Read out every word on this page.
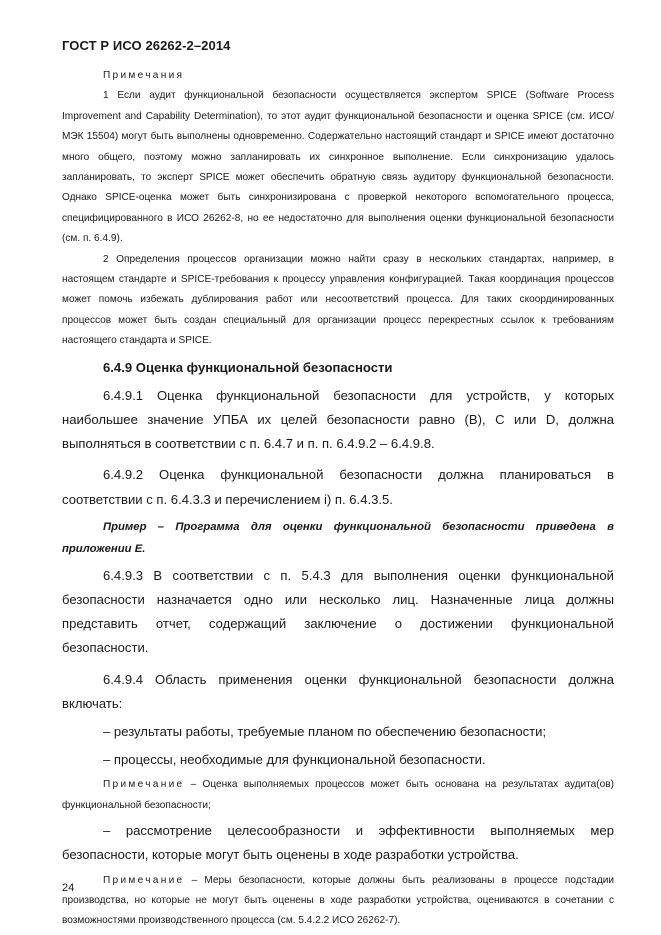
ГОСТ Р ИСО 26262-2–2014

Примечания

1 Если аудит функциональной безопасности осуществляется экспертом SPICE (Software Process Improvement and Capability Determination), то этот аудит функциональной безопасности и оценка SPICE (см. ИСО/МЭК 15504) могут быть выполнены одновременно. Содержательно настоящий стандарт и SPICE имеют достаточно много общего, поэтому можно запланировать их синхронное выполнение. Если синхронизацию удалось запланировать, то эксперт SPICE может обеспечить обратную связь аудитору функциональной безопасности. Однако SPICE-оценка может быть синхронизирована с проверкой некоторого вспомогательного процесса, специфицированного в ИСО 26262-8, но ее недостаточно для выполнения оценки функциональной безопасности (см. п. 6.4.9).

2 Определения процессов организации можно найти сразу в нескольких стандартах, например, в настоящем стандарте и SPICE-требования к процессу управления конфигурацией. Такая координация процессов может помочь избежать дублирования работ или несоответствий процесса. Для таких скоординированных процессов может быть создан специальный для организации процесс перекрестных ссылок к требованиям настоящего стандарта и SPICE.

6.4.9 Оценка функциональной безопасности

6.4.9.1 Оценка функциональной безопасности для устройств, у которых наибольшее значение УПБА их целей безопасности равно (B), C или D, должна выполняться в соответствии с п. 6.4.7 и п. п. 6.4.9.2 – 6.4.9.8.

6.4.9.2 Оценка функциональной безопасности должна планироваться в соответствии с п. 6.4.3.3 и перечислением i) п. 6.4.3.5.

Пример – Программа для оценки функциональной безопасности приведена в приложении Е.

6.4.9.3 В соответствии с п. 5.4.3 для выполнения оценки функциональной безопасности назначается одно или несколько лиц. Назначенные лица должны представить отчет, содержащий заключение о достижении функциональной безопасности.

6.4.9.4 Область применения оценки функциональной безопасности должна включать:

– результаты работы, требуемые планом по обеспечению безопасности;

– процессы, необходимые для функциональной безопасности.

Примечание – Оценка выполняемых процессов может быть основана на результатах аудита(ов) функциональной безопасности;

– рассмотрение целесообразности и эффективности выполняемых мер безопасности, которые могут быть оценены в ходе разработки устройства.

Примечание – Меры безопасности, которые должны быть реализованы в процессе подстадии производства, но которые не могут быть оценены в ходе разработки устройства, оцениваются в сочетании с возможностями производственного процесса (см. 5.4.2.2 ИСО 26262-7).

24
